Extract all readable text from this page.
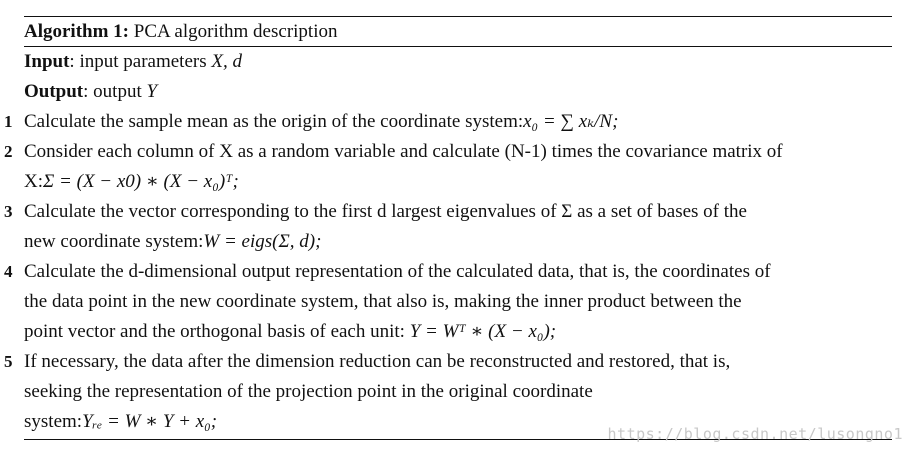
Algorithm 1: PCA algorithm description
Input: input parameters X, d
Output: output Y
1 Calculate the sample mean as the origin of the coordinate system:x₀ = ∑ xₖ/N;
2 Consider each column of X as a random variable and calculate (N-1) times the covariance matrix of
X:Σ = (X − x0) ∗ (X − x₀)ᵀ;
3 Calculate the vector corresponding to the first d largest eigenvalues of Σ as a set of bases of the
new coordinate system:W = eigs(Σ, d);
4 Calculate the d-dimensional output representation of the calculated data, that is, the coordinates of
the data point in the new coordinate system, that also is, making the inner product between the
point vector and the orthogonal basis of each unit: Y = Wᵀ ∗ (X − x₀);
5 If necessary, the data after the dimension reduction can be reconstructed and restored, that is,
seeking the representation of the projection point in the original coordinate
system:Yᵣₑ = W ∗ Y + x₀;
https://blog.csdn.net/lusongno1
